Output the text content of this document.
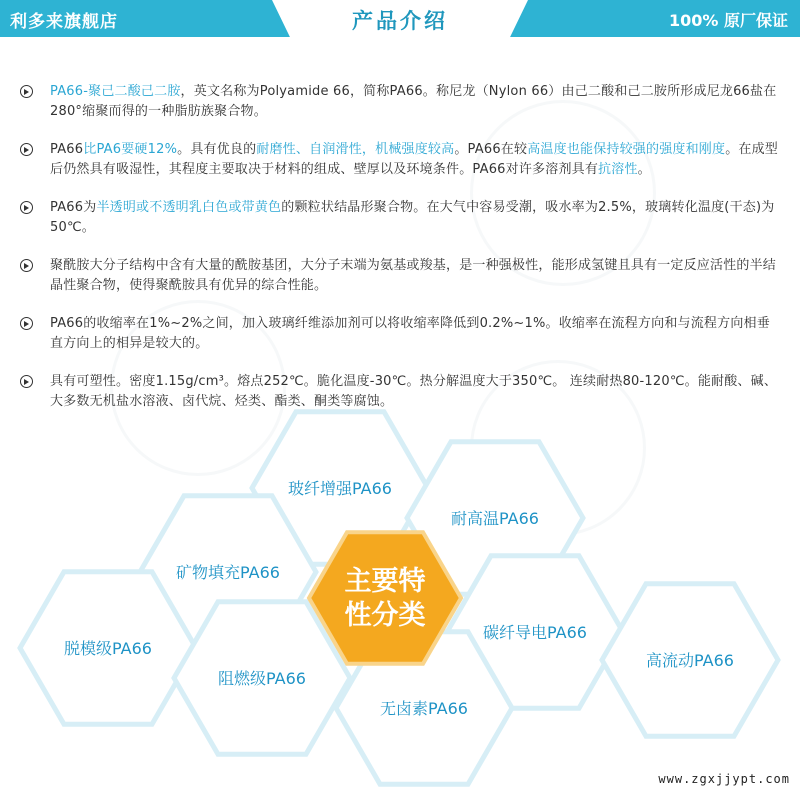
利多来旗舰店	产品介绍	100% 原厂保证
PA66-聚己二酸己二胺，英文名称为Polyamide 66，简称PA66。称尼龙（Nylon 66）由己二酸和己二胺所形成尼龙66盐在280°缩聚而得的一种脂肪族聚合物。
PA66比PA6要硬12%。具有优良的耐磨性、自润滑性，机械强度较高。PA66在较高温度也能保持较强的强度和刚度。在成型后仍然具有吸湿性，其程度主要取决于材料的组成、壁厚以及环境条件。PA66对许多溶剂具有抗溶性。
PA66为半透明或不透明乳白色或带黄色的颗粒状结晶形聚合物。在大气中容易受潮，吸水率为2.5%，玻璃转化温度(干态)为50℃。
聚酰胺大分子结构中含有大量的酰胺基团，大分子末端为氨基或羧基，是一种强极性，能形成氢键且具有一定反应活性的半结晶性聚合物，使得聚酰胺具有优异的综合性能。
PA66的收缩率在1%~2%之间，加入玻璃纤维添加剂可以将收缩率降低到0.2%~1%。收缩率在流程方向和与流程方向相垂直方向上的相异是较大的。
具有可塑性。密度1.15g/cm³。熔点252℃。脆化温度-30℃。热分解温度大于350℃。 连续耐热80-120℃。能耐酸、碱、大多数无机盐水溶液、卤代烷、烃类、酯类、酮类等腐蚀。
玻纤增强PA66
耐高温PA66
矿物填充PA66
碳纤导电PA66
脱模级PA66
阻燃级PA66
无卤素PA66
高流动PA66
主要特性分类
www.zgxjjypt.com
